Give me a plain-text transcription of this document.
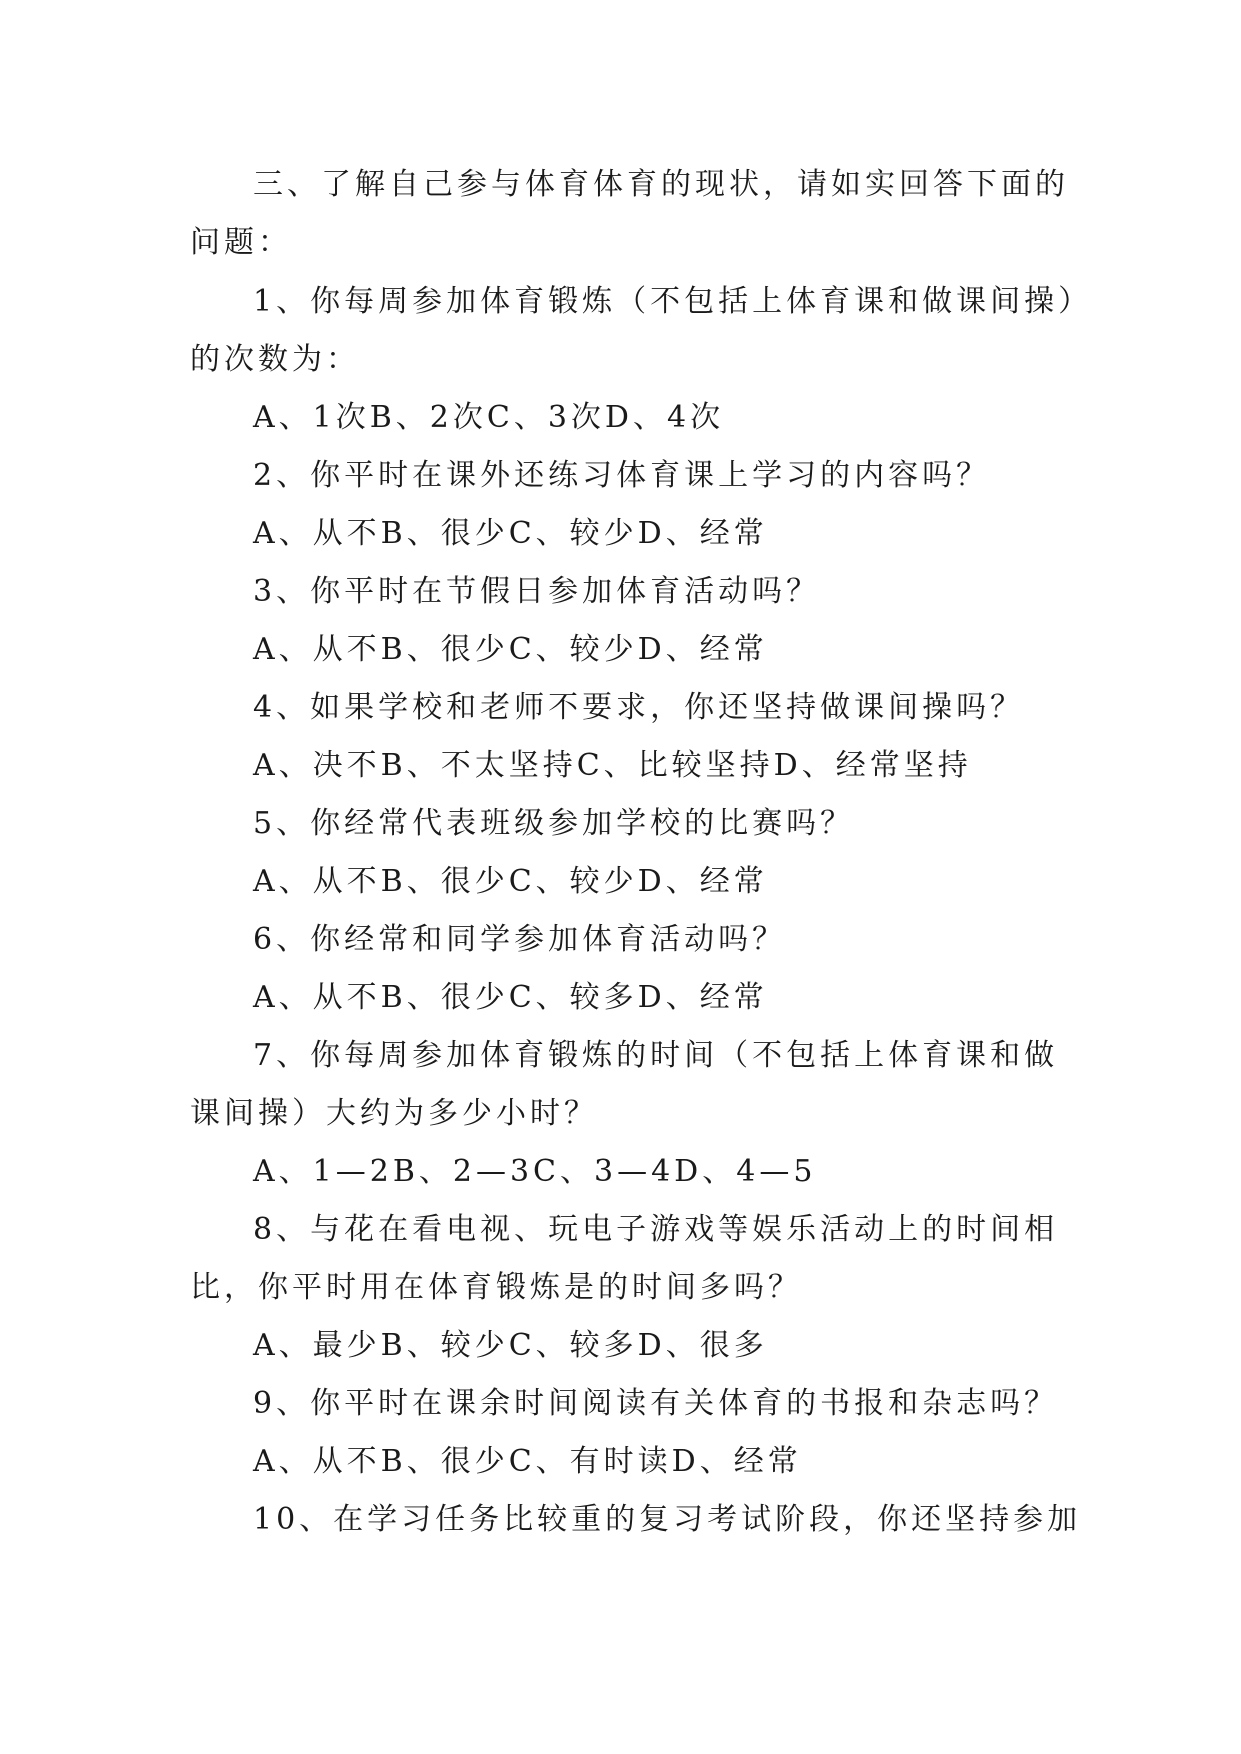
三、了解自己参与体育体育的现状，请如实回答下面的
问题：
1、你每周参加体育锻炼（不包括上体育课和做课间操）
的次数为：
A、1次B、2次C、3次D、4次
2、你平时在课外还练习体育课上学习的内容吗？
A、从不B、很少C、较少D、经常
3、你平时在节假日参加体育活动吗？
A、从不B、很少C、较少D、经常
4、如果学校和老师不要求，你还坚持做课间操吗？
A、决不B、不太坚持C、比较坚持D、经常坚持
5、你经常代表班级参加学校的比赛吗？
A、从不B、很少C、较少D、经常
6、你经常和同学参加体育活动吗？
A、从不B、很少C、较多D、经常
7、你每周参加体育锻炼的时间（不包括上体育课和做
课间操）大约为多少小时？
A、1—2B、2—3C、3—4D、4—5
8、与花在看电视、玩电子游戏等娱乐活动上的时间相
比，你平时用在体育锻炼是的时间多吗？
A、最少B、较少C、较多D、很多
9、你平时在课余时间阅读有关体育的书报和杂志吗？
A、从不B、很少C、有时读D、经常
10、在学习任务比较重的复习考试阶段，你还坚持参加
